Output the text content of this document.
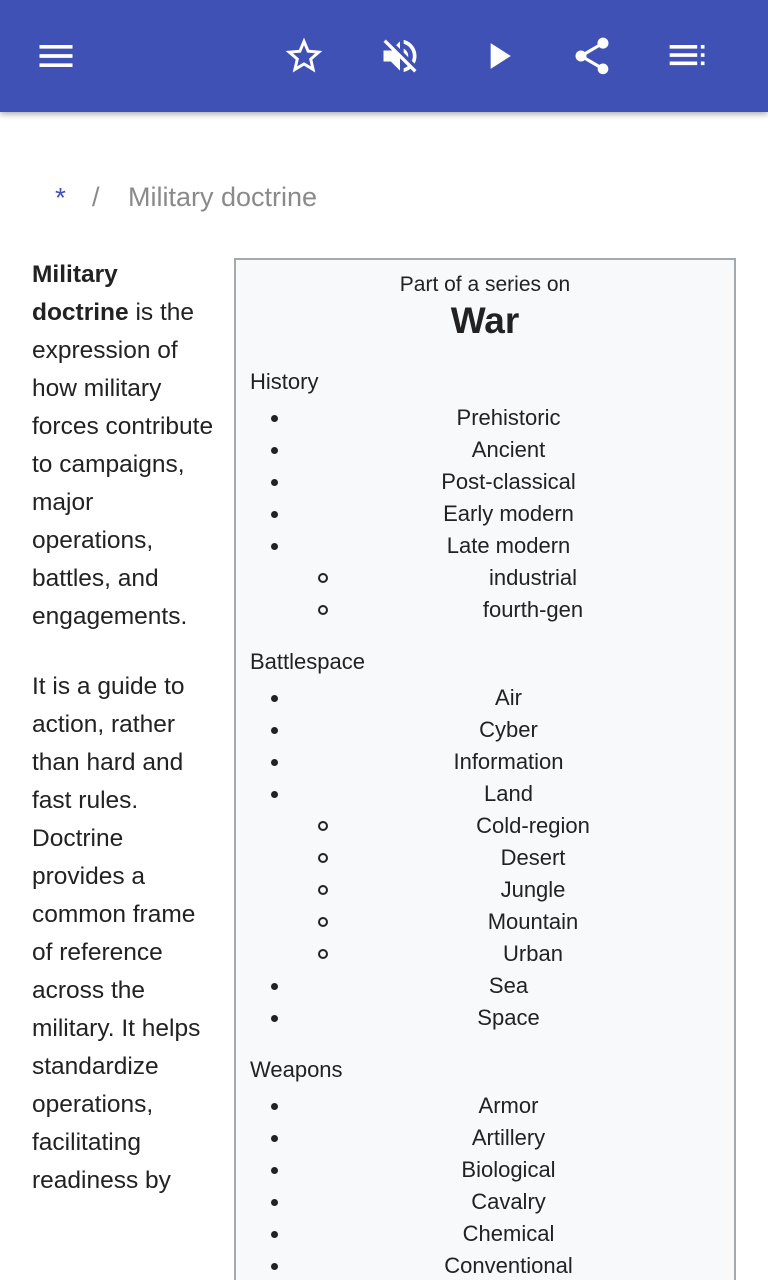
* / Military doctrine

Military doctrine is the expression of how military forces contribute to campaigns, major operations, battles, and engagements.

It is a guide to action, rather than hard and fast rules. Doctrine provides a common frame of reference across the military. It helps standardize operations, facilitating readiness by

Part of a series on
War
History
Prehistoric
Ancient
Post-classical
Early modern
Late modern
industrial
fourth-gen
Battlespace
Air
Cyber
Information
Land
Cold-region
Desert
Jungle
Mountain
Urban
Sea
Space
Weapons
Armor
Artillery
Biological
Cavalry
Chemical
Conventional
